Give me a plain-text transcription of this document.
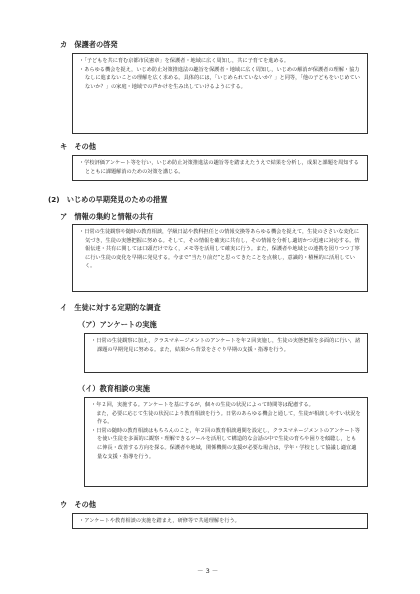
カ　保護者の啓発

・「子どもを共に育む京都市民憲章」を保護者・地域に広く周知し，共に子育てを進める。

・あらゆる機会を捉え，いじめ防止対策推進法の趣旨を保護者・地域に広く周知し，いじめの解消が保護者の理解・協力なしに進まないことの理解を広く求める。具体的には，「いじめられていないか？」と同等，「他の子どもをいじめていないか？」の家庭・地域での声かけを生み出していけるようにする。

キ　その他

・学校評価アンケート等を行い，いじめ防止対策推進法の趣旨等を踏まえたうえで結果を分析し，成果と課題を周知するとともに課題解消のための対策を講じる。

(2)　いじめの早期発見のための措置
ア　情報の集約と情報の共有

・日常の生徒観察や随時の教育相談，学級日誌や教科担任との情報交換等あらゆる機会を捉えて，生徒のささいな変化に気づき，生徒の実態把握に努める。そして，その情報を確実に共有し，その情報を分析し適切かつ迅速に対応する。情報伝達・共有に関しては口頭だけでなく，メモ等を活用して確実に行う。また，保護者や地域との連携を図りつつ丁寧に行い生徒の変化を早期に発見する。今まで“当たり前だ”と思ってきたことを点検し，意識的・積極的に活用していく。

イ　生徒に対する定期的な調査
（ア）アンケートの実施

・日常の生徒観察に加え，クラスマネージメントのアンケートを年２回実施し，生徒の実態把握を多面的に行い，諸課題の早期発見に努める。また，結果から背景をさぐり早期の支援・指導を行う。

（イ）教育相談の実施

・年２回，実施する。アンケートを基にするが，個々の生徒の状況によって時間等は配慮する。

　また，必要に応じて生徒の状況により教育相談を行う。日常のあらゆる機会と通して，生徒が相談しやすい状況を作る。

・日常の随時の教育相談はもちろんのこと，年２回の教育相談週間を設定し，クラスマネージメントのアンケート等を使い生徒を多面的に観察・理解できるツールを活用して構造的な会話の中で生徒の育ちや困りを傾聴し，ともに伸長・改善する方向を探る。保護者や地域，関係機関の支援が必要な場合は，学年・学校として協議し適宜適量な支援・指導を行う。

ウ　その他

・アンケートや教育相談の実施を踏まえ，研修等で共通理解を行う。

－ 3 －
